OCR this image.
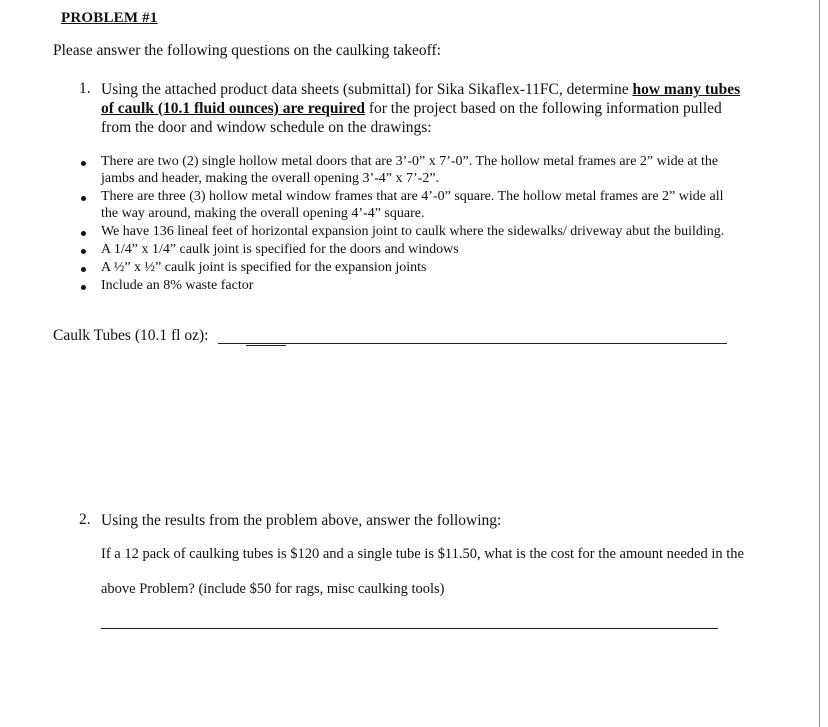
PROBLEM #1
Please answer the following questions on the caulking takeoff:
1. Using the attached product data sheets (submittal) for Sika Sikaflex-11FC, determine how many tubes
of caulk (10.1 fluid ounces) are required for the project based on the following information pulled
from the door and window schedule on the drawings:
There are two (2) single hollow metal doors that are 3’-0” x 7’-0”. The hollow metal frames are 2” wide at the
jambs and header, making the overall opening 3’-4” x 7’-2”.
There are three (3) hollow metal window frames that are 4’-0” square. The hollow metal frames are 2” wide all
the way around, making the overall opening 4’-4” square.
We have 136 lineal feet of horizontal expansion joint to caulk where the sidewalks/ driveway abut the building.
A 1/4” x 1/4” caulk joint is specified for the doors and windows
A ½” x ½” caulk joint is specified for the expansion joints
Include an 8% waste factor
Caulk Tubes (10.1 fl oz):
2. Using the results from the problem above, answer the following:
If a 12 pack of caulking tubes is $120 and a single tube is $11.50, what is the cost for the amount needed in the
above Problem? (include $50 for rags, misc caulking tools)
